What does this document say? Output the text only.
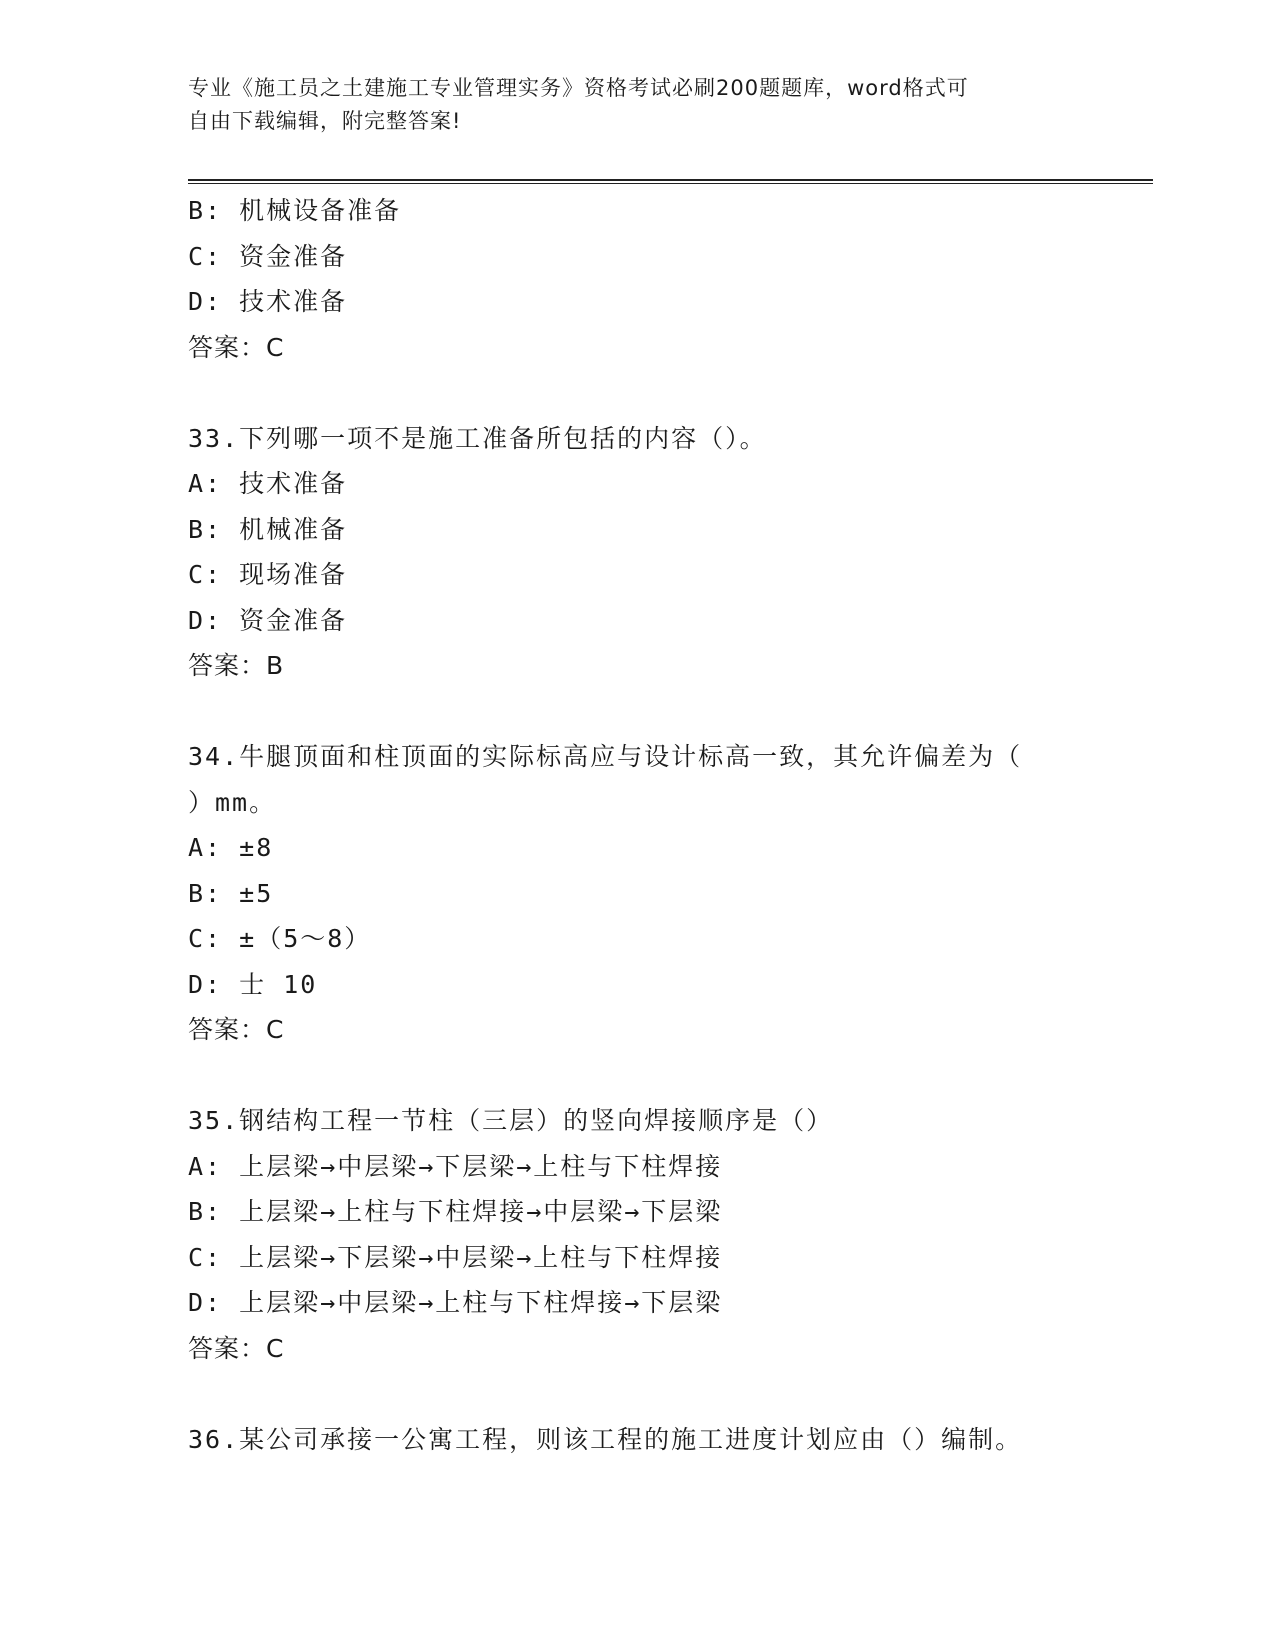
专业《施工员之土建施工专业管理实务》资格考试必刷200题题库，word格式可
自由下载编辑，附完整答案!
B: 机械设备准备
C: 资金准备
D: 技术准备
答案：C
33.下列哪一项不是施工准备所包括的内容（）。
A: 技术准备
B: 机械准备
C: 现场准备
D: 资金准备
答案：B
34.牛腿顶面和柱顶面的实际标高应与设计标高一致，其允许偏差为（
）mm。
A: ±8
B: ±5
C: ±（5～8）
D: 士 10
答案：C
35.钢结构工程一节柱（三层）的竖向焊接顺序是（）
A: 上层梁→中层梁→下层梁→上柱与下柱焊接
B: 上层梁→上柱与下柱焊接→中层梁→下层梁
C: 上层梁→下层梁→中层梁→上柱与下柱焊接
D: 上层梁→中层梁→上柱与下柱焊接→下层梁
答案：C
36.某公司承接一公寓工程，则该工程的施工进度计划应由（）编制。
